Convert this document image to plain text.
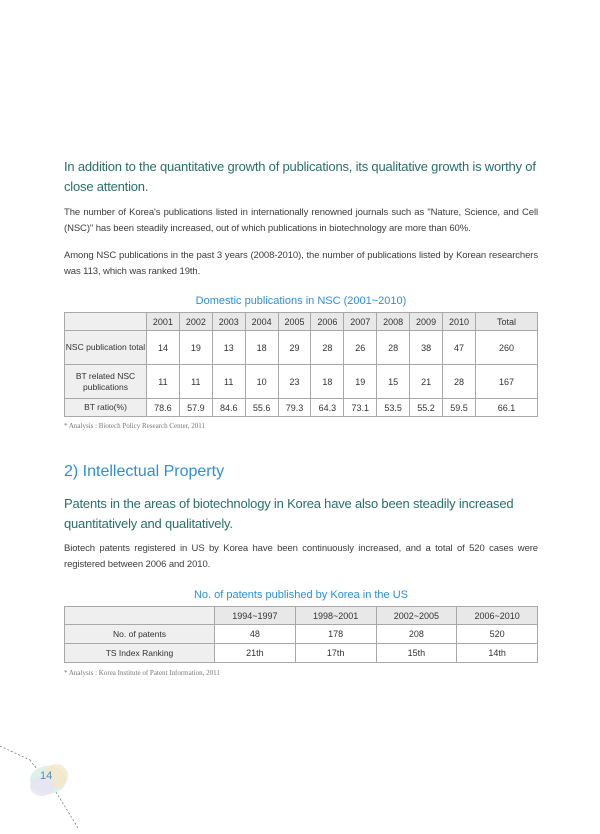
In addition to the quantitative growth of publications, its qualitative growth is worthy of close attention.
The number of Korea's publications listed in internationally renowned journals such as "Nature, Science, and Cell (NSC)" has been steadily increased, out of which publications in biotechnology are more than 60%.
Among NSC publications in the past 3 years (2008-2010), the number of publications listed by Korean researchers was 113, which was ranked 19th.
Domestic publications in NSC (2001~2010)
	2001	2002	2003	2004	2005	2006	2007	2008	2009	2010	Total
NSC publication total	14	19	13	18	29	28	26	28	38	47	260
BT related NSC publications	11	11	11	10	23	18	19	15	21	28	167
BT ratio(%)	78.6	57.9	84.6	55.6	79.3	64.3	73.1	53.5	55.2	59.5	66.1
* Analysis : Biotech Policy Research Center, 2011
2) Intellectual Property
Patents in the areas of biotechnology in Korea have also been steadily increased quantitatively and qualitatively.
Biotech patents registered in US by Korea have been continuously increased, and a total of 520 cases were registered between 2006 and 2010.
No. of patents published by Korea in the US
	1994~1997	1998~2001	2002~2005	2006~2010
No. of patents	48	178	208	520
TS Index Ranking	21th	17th	15th	14th
* Analysis : Korea Institute of Patent Information, 2011
14
